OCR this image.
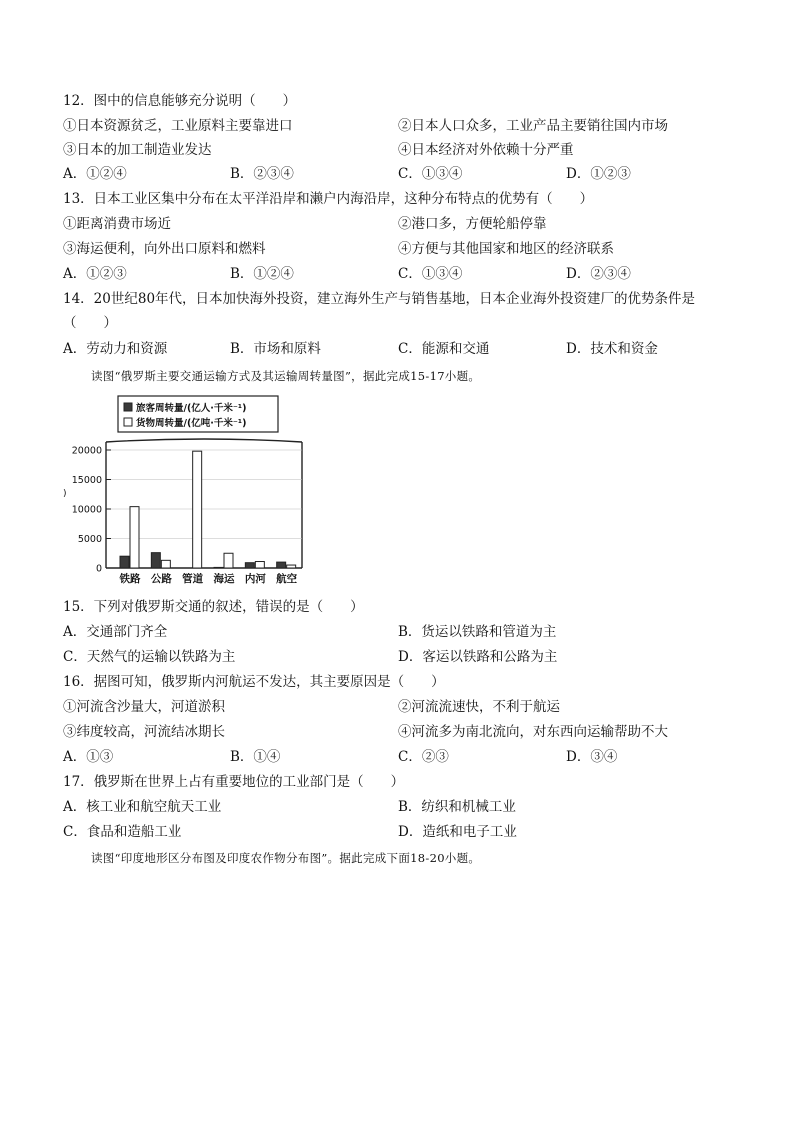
12．图中的信息能够充分说明（　　）
①日本资源贫乏，工业原料主要靠进口	②日本人口众多，工业产品主要销往国内市场
③日本的加工制造业发达	④日本经济对外依赖十分严重
A．①②④	B．②③④	C．①③④	D．①②③
13．日本工业区集中分布在太平洋沿岸和濑户内海沿岸，这种分布特点的优势有（　　）
①距离消费市场近	②港口多，方便轮船停靠
③海运便利，向外出口原料和燃料	④方便与其他国家和地区的经济联系
A．①②③	B．①②④	C．①③④	D．②③④
14．20世纪80年代，日本加快海外投资，建立海外生产与销售基地，日本企业海外投资建厂的优势条件是
（　　）
A．劳动力和资源	B．市场和原料	C．能源和交通	D．技术和资金
读图“俄罗斯主要交通运输方式及其运输周转量图”，据此完成15-17小题。
0
5000
10000
15000
20000
)
铁路 公路 管道 海运 内河 航空
旅客周转量/(亿人·千米⁻¹)
货物周转量/(亿吨·千米⁻¹)
15．下列对俄罗斯交通的叙述，错误的是（　　）
A．交通部门齐全	B．货运以铁路和管道为主
C．天然气的运输以铁路为主	D．客运以铁路和公路为主
16．据图可知，俄罗斯内河航运不发达，其主要原因是（　　）
①河流含沙量大，河道淤积	②河流流速快，不利于航运
③纬度较高，河流结冰期长	④河流多为南北流向，对东西向运输帮助不大
A．①③	B．①④	C．②③	D．③④
17．俄罗斯在世界上占有重要地位的工业部门是（　　）
A．核工业和航空航天工业	B．纺织和机械工业
C．食品和造船工业	D．造纸和电子工业
读图“印度地形区分布图及印度农作物分布图”。据此完成下面18-20小题。
